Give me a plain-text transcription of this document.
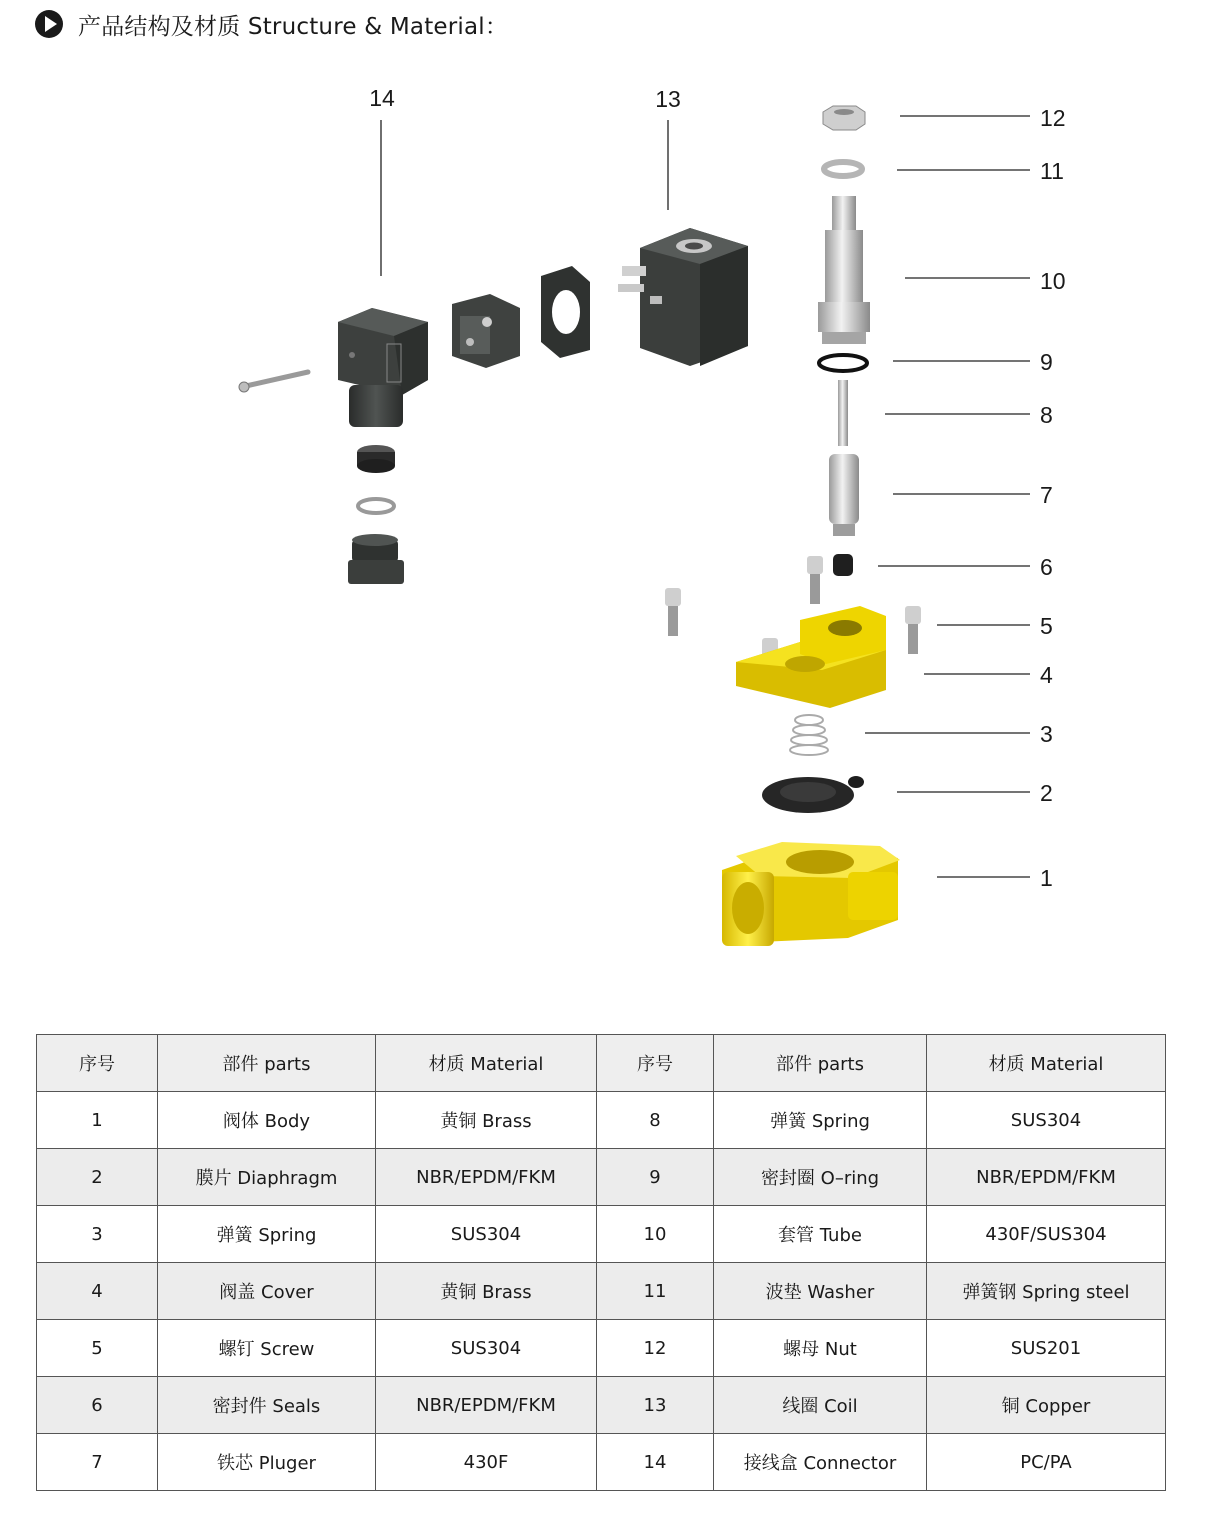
产品结构及材质 Structure & Material：
1
2
3
4
5
6
7
8
9
10
11
12
13
14
序号	部件 parts	材质 Material	序号	部件 parts	材质 Material
1	阀体 Body	黄铜 Brass	8	弹簧 Spring	SUS304
2	膜片 Diaphragm	NBR/EPDM/FKM	9	密封圈 O–ring	NBR/EPDM/FKM
3	弹簧 Spring	SUS304	10	套管 Tube	430F/SUS304
4	阀盖 Cover	黄铜 Brass	11	波垫 Washer	弹簧钢 Spring steel
5	螺钉 Screw	SUS304	12	螺母 Nut	SUS201
6	密封件 Seals	NBR/EPDM/FKM	13	线圈 Coil	铜 Copper
7	铁芯 Pluger	430F	14	接线盒 Connector	PC/PA
